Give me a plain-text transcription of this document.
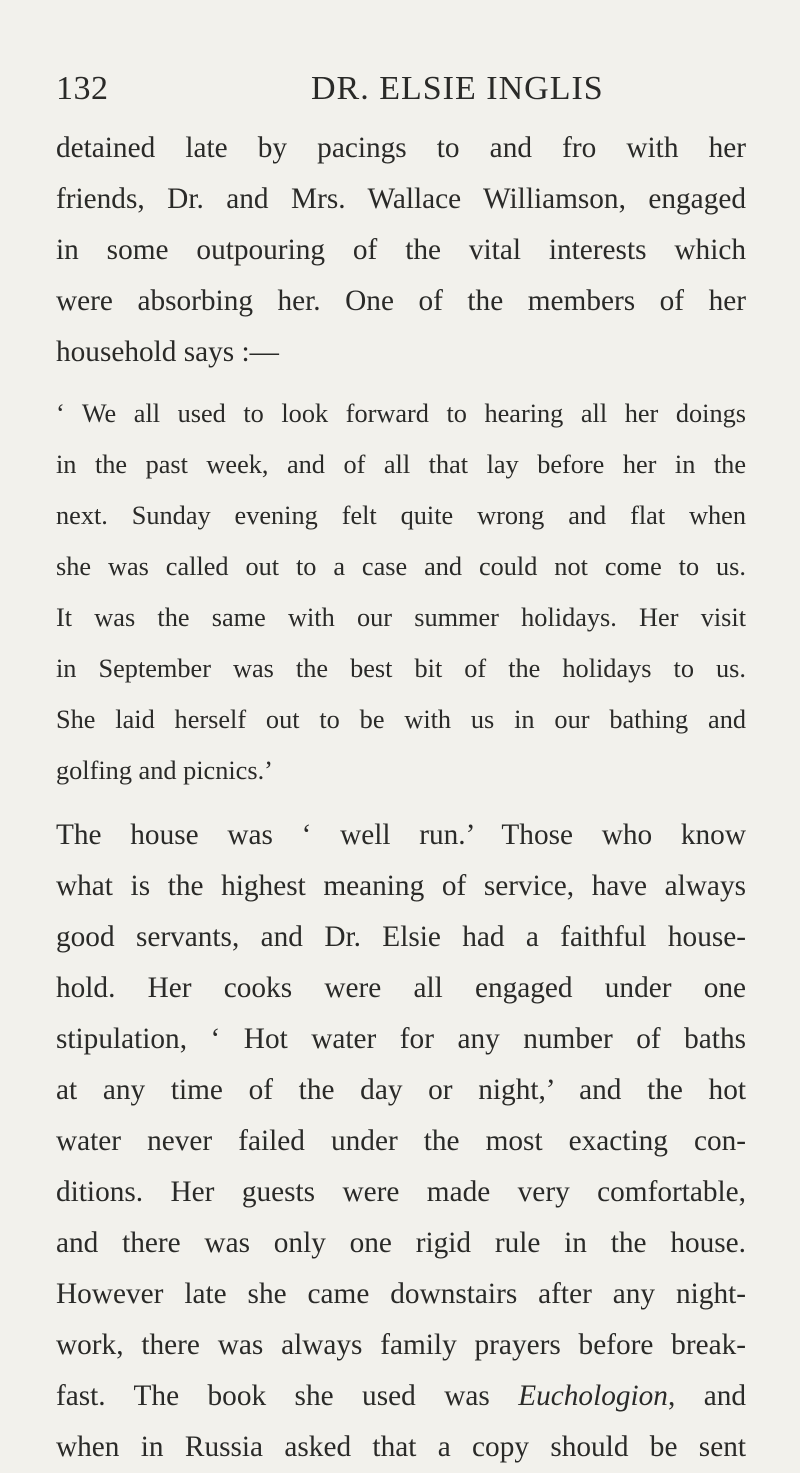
132	DR. ELSIE INGLIS
detained late by pacings to and fro with her
friends, Dr. and Mrs. Wallace Williamson, engaged
in some outpouring of the vital interests which
were absorbing her. One of the members of her
household says :—
‘ We all used to look forward to hearing all her doings
in the past week, and of all that lay before her in the
next. Sunday evening felt quite wrong and flat when
she was called out to a case and could not come to us.
It was the same with our summer holidays. Her visit
in September was the best bit of the holidays to us.
She laid herself out to be with us in our bathing and
golfing and picnics.’
The house was ‘ well run.’ Those who know
what is the highest meaning of service, have always
good servants, and Dr. Elsie had a faithful house-
hold. Her cooks were all engaged under one
stipulation, ‘ Hot water for any number of baths
at any time of the day or night,’ and the hot
water never failed under the most exacting con-
ditions. Her guests were made very comfortable,
and there was only one rigid rule in the house.
However late she came downstairs after any night-
work, there was always family prayers before break-
fast. The book she used was Euchologion, and
when in Russia asked that a copy should be sent
